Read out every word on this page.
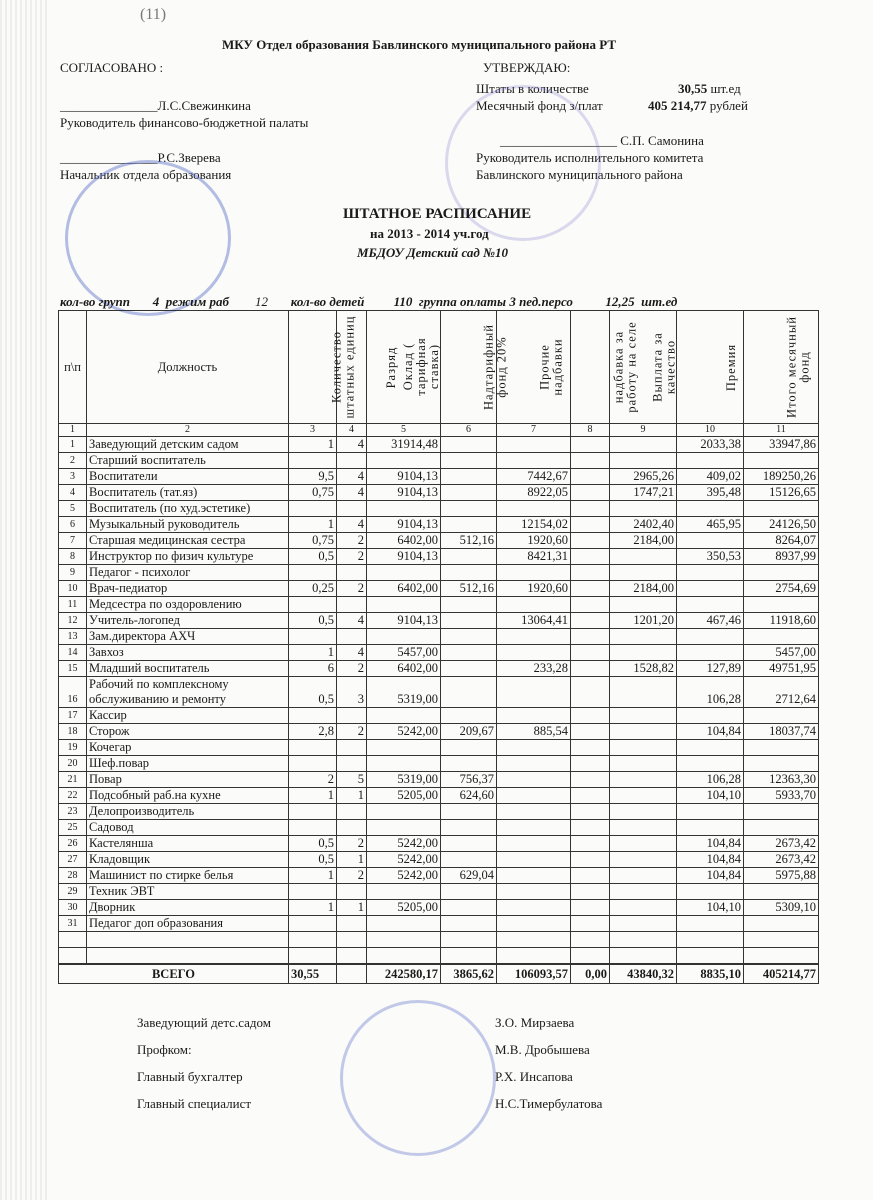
(11)
МКУ Отдел образования Бавлинского муниципального района РТ
СОГЛАСОВАНО :
_______________Л.С.Свежинкина
Руководитель финансово-бюджетной палаты
_______________Р.С.Зверева
Начальник отдела образования
УТВЕРЖДАЮ:
Штаты в количестве	30,55 шт.ед
Месячный фонд з/плат	405 214,77 рублей
__________________ С.П. Самонина
Руководитель исполнительного комитета
Бавлинского муниципального района
ШТАТНОЕ РАСПИСАНИЕ
на 2013 - 2014 уч.год
МБДОУ Детский сад №10
кол-во групп 4 режим раб 12 кол-во детей 110 группа оплаты 3 пед.персо	12,25 шт.ед
п\п	Должность	Количество штатных единиц	Разряд	Оклад ( тарифная ставка)	Надтарифный фонд 20%	Прочие надбавки	надбавка за работу на селе	Выплата за качество	Премия	Итого месячный фонд
1	2	3	4	5	6	7	8	9	10	11
1	Заведующий детским садом	1	4	31914,48					2033,38	33947,86
2	Старший воспитатель									
3	Воспитатели	9,5	4	9104,13		7442,67		2965,26	409,02	189250,26
4	Воспитатель (тат.яз)	0,75	4	9104,13		8922,05		1747,21	395,48	15126,65
5	Воспитатель (по худ.эстетике)									
6	Музыкальный руководитель	1	4	9104,13		12154,02		2402,40	465,95	24126,50
7	Старшая медицинская сестра	0,75	2	6402,00	512,16	1920,60		2184,00		8264,07
8	Инструктор по физич культуре	0,5	2	9104,13		8421,31			350,53	8937,99
9	Педагог - психолог									
10	Врач-педиатор	0,25	2	6402,00	512,16	1920,60		2184,00		2754,69
11	Медсестра по оздоровлению									
12	Учитель-логопед	0,5	4	9104,13		13064,41		1201,20	467,46	11918,60
13	Зам.директора АХЧ									
14	Завхоз	1	4	5457,00						5457,00
15	Младший воспитатель	6	2	6402,00		233,28		1528,82	127,89	49751,95
16	Рабочий по комплексному обслуживанию и ремонту	0,5	3	5319,00					106,28	2712,64
17	Кассир									
18	Сторож	2,8	2	5242,00	209,67	885,54			104,84	18037,74
19	Кочегар									
20	Шеф.повар									
21	Повар	2	5	5319,00	756,37				106,28	12363,30
22	Подсобный раб.на кухне	1	1	5205,00	624,60				104,10	5933,70
23	Делопроизводитель									
25	Садовод									
26	Кастелянша	0,5	2	5242,00					104,84	2673,42
27	Кладовщик	0,5	1	5242,00					104,84	2673,42
28	Машинист по стирке белья	1	2	5242,00	629,04				104,84	5975,88
29	Техник ЭВТ									
30	Дворник	1	1	5205,00					104,10	5309,10
31	Педагог доп образования									

ВСЕГО		30,55		242580,17	3865,62	106093,57	0,00	43840,32	8835,10	405214,77
Заведующий детс.садом	З.О. Мирзаева
Профком:	М.В. Дробышева
Главный бухгалтер	Р.Х. Инсапова
Главный специалист	Н.С.Тимербулатова
